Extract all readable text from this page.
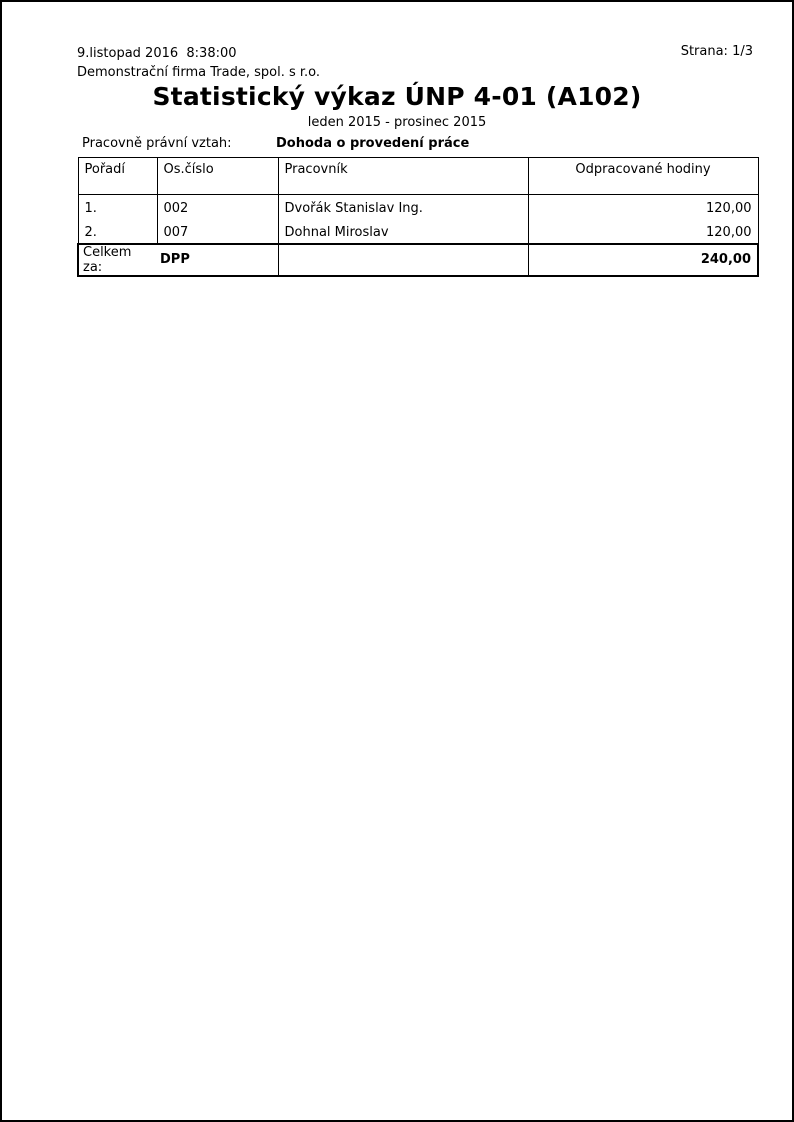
9.listopad 2016  8:38:00
Demonstrační firma Trade, spol. s r.o.
Strana: 1/3
Statistický výkaz ÚNP 4-01 (A102)
leden 2015 - prosinec 2015
Pracovně právní vztah:	Dohoda o provedení práce
Pořadí	Os.číslo	Pracovník	Odpracované hodiny
1.	002	Dvořák Stanislav Ing.	120,00
2.	007	Dohnal Miroslav	120,00
Celkem za:	DPP		240,00
